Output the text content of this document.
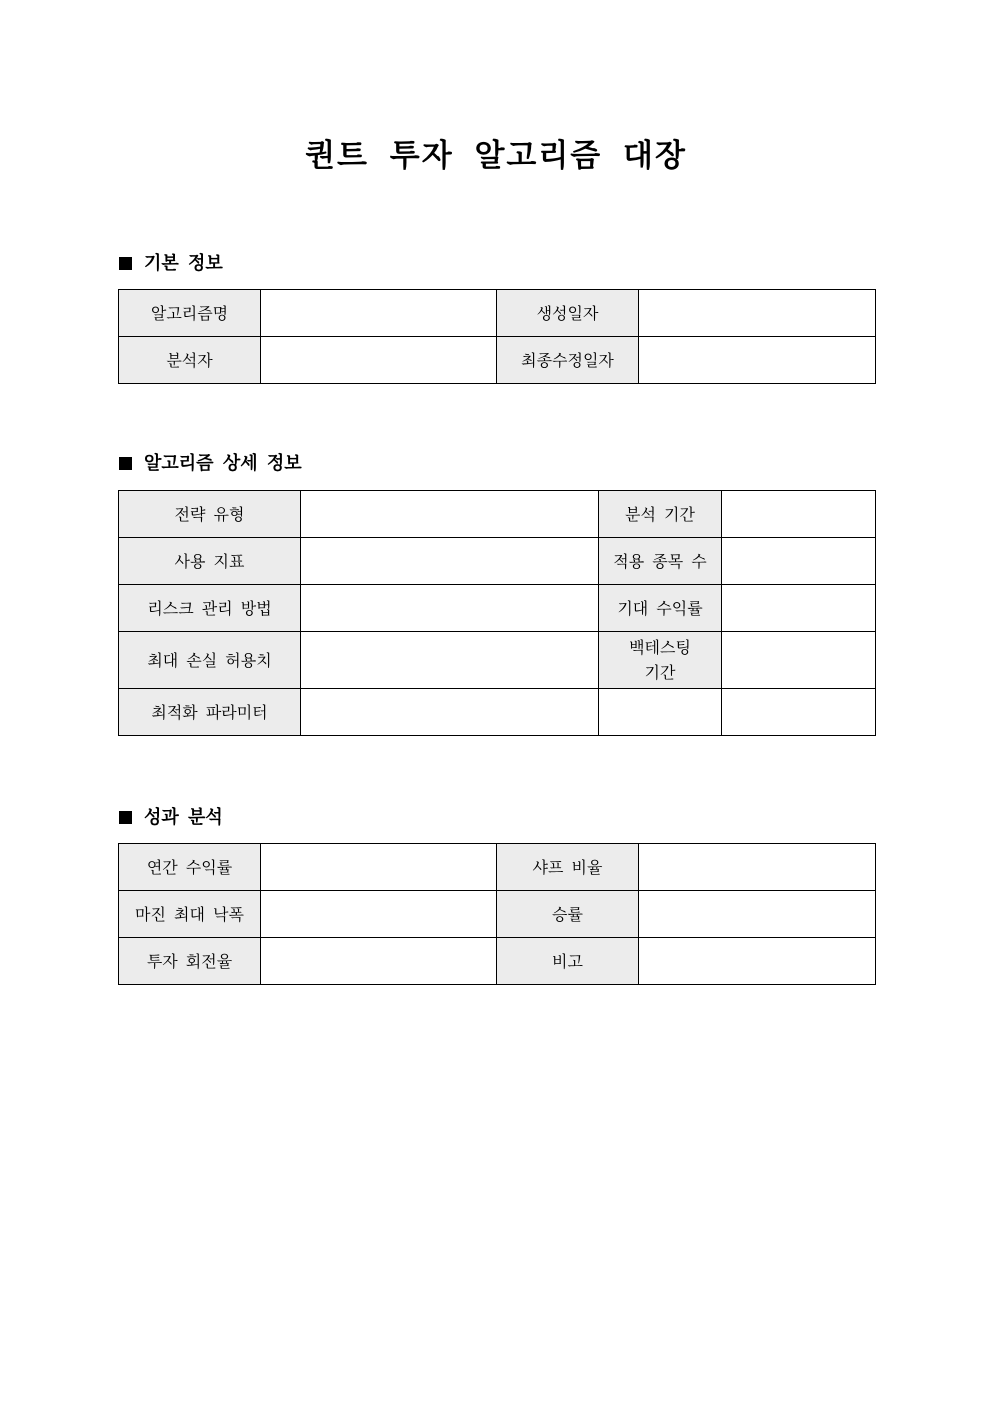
퀀트 투자 알고리즘 대장
기본 정보
알고리즘명		생성일자	
분석자		최종수정일자	
알고리즘 상세 정보
전략 유형		분석 기간	
사용 지표		적용 종목 수	
리스크 관리 방법		기대 수익률	
최대 손실 허용치		백테스팅
기간	

최적화 파라미터			
성과 분석
연간 수익률		샤프 비율	
마진 최대 낙폭		승률	
투자 회전율		비고	
